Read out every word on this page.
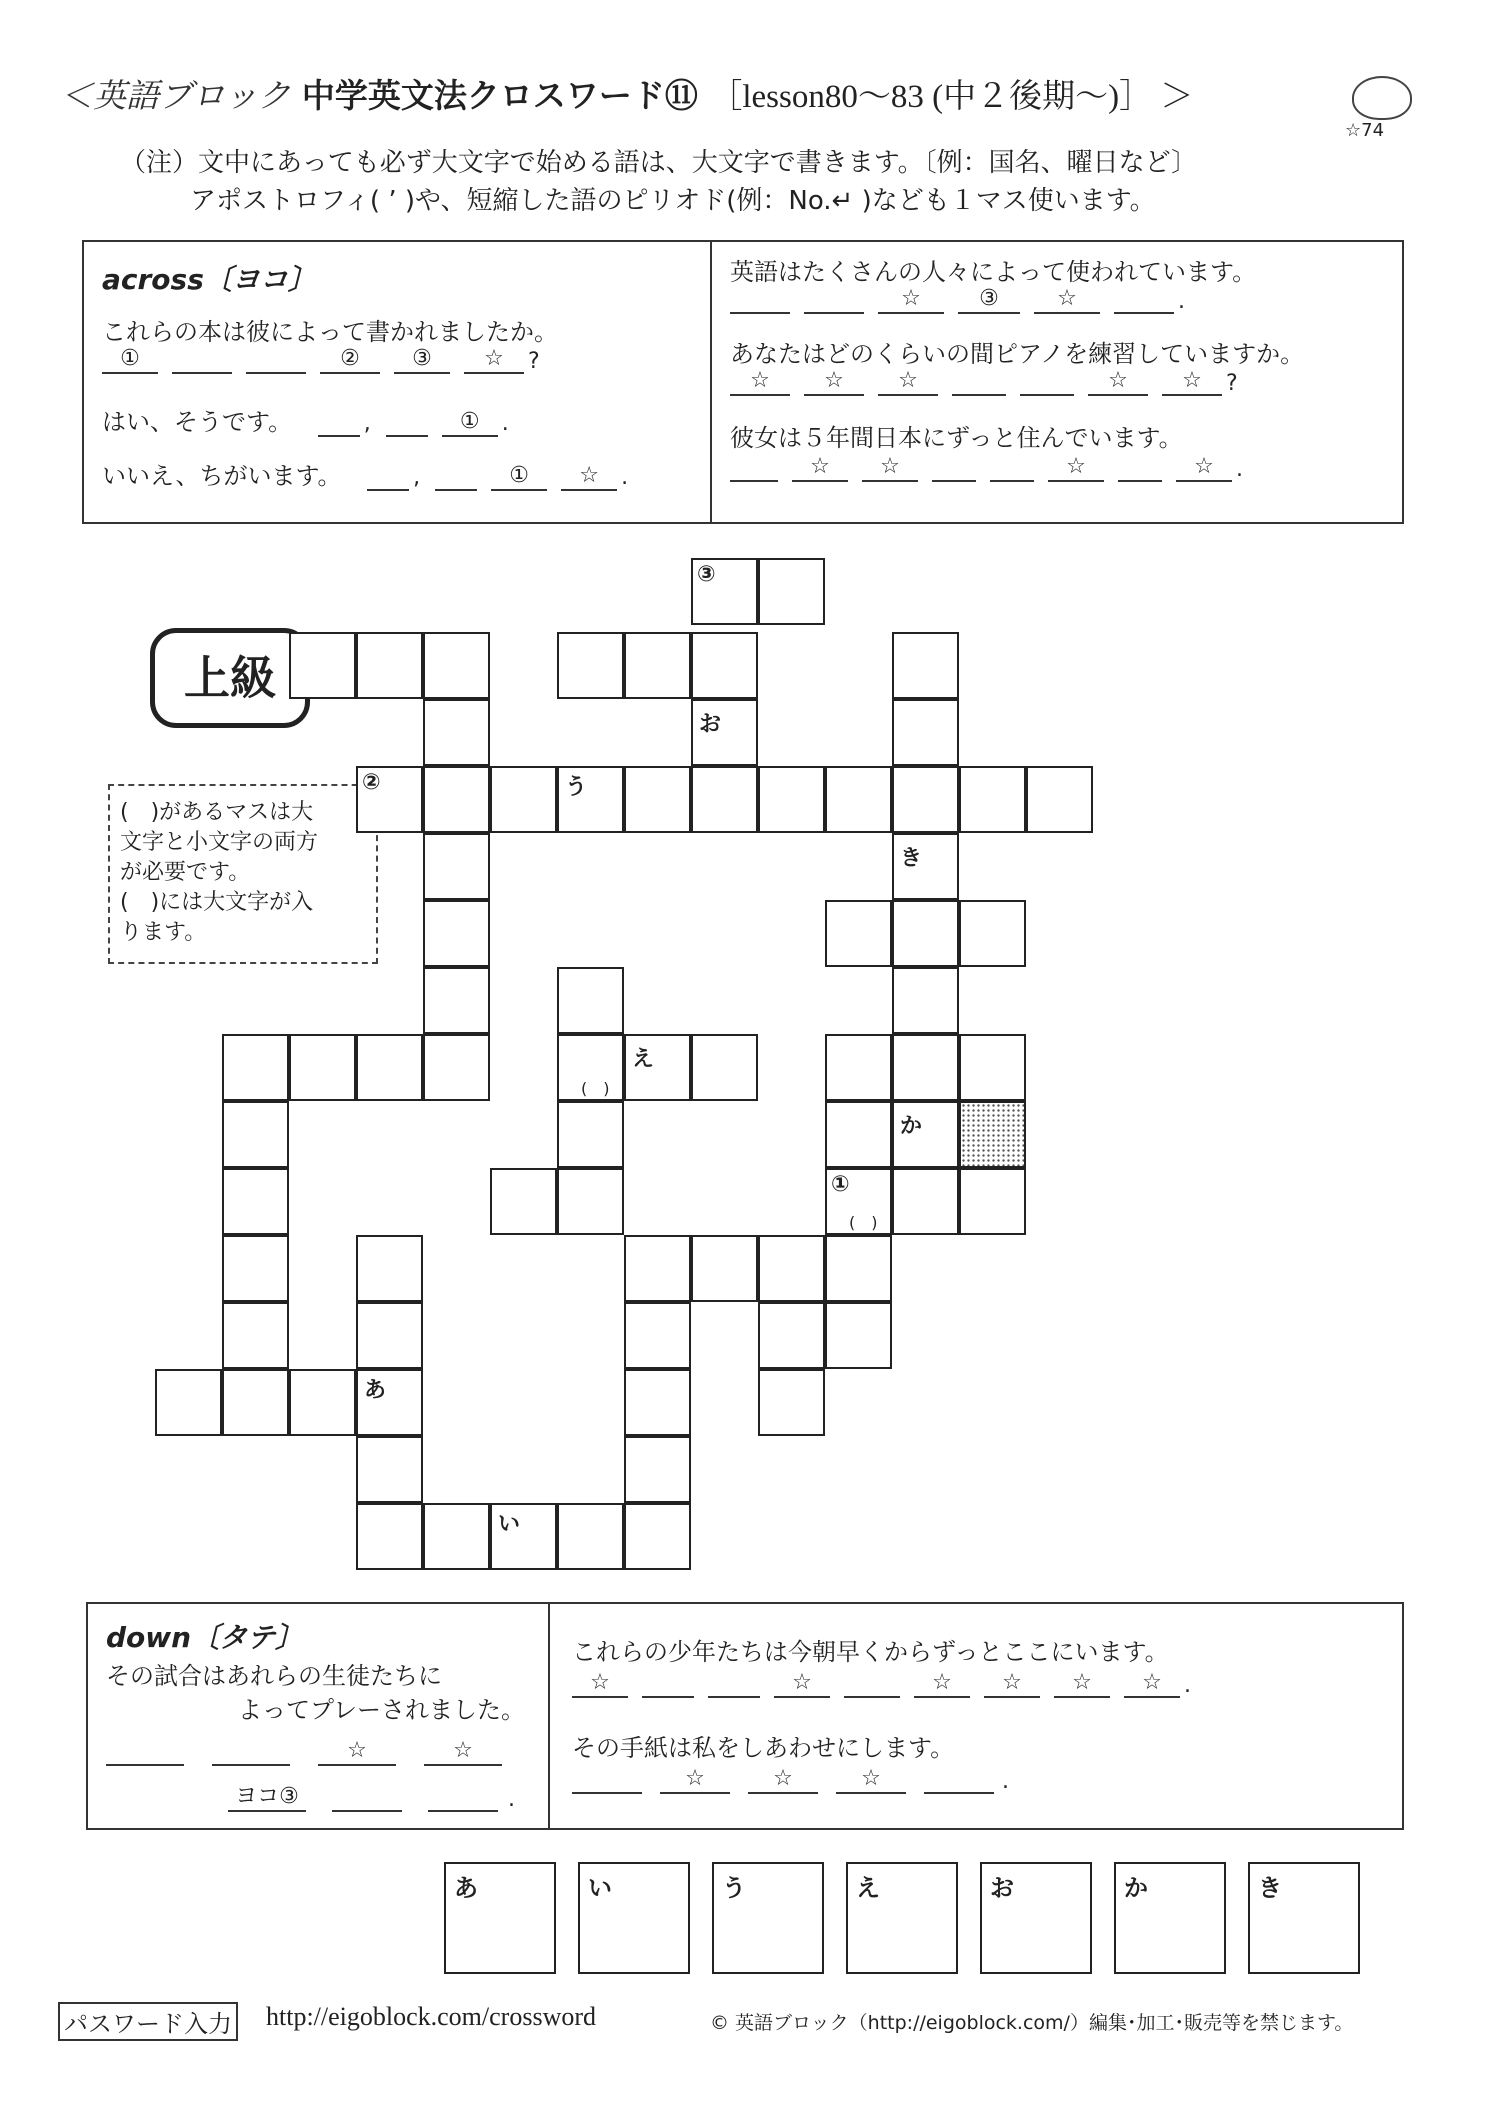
＜英語ブロック 中学英文法クロスワード⑪ ［lesson80～83 (中２後期～)］ ＞
☆74
（注）文中にあっても必ず大文字で始める語は、大文字で書きます。〔例：国名、曜日など〕
アポストロフィ( ’ )や、短縮した語のピリオド(例：No.↵ )なども１マス使います。
across〔ヨコ〕
これらの本は彼によって書かれましたか。
①	② ③ ☆ ?
はい、そうです。	,	① .
いいえ、ちがいます。	,	① ☆ .
英語はたくさんの人々によって使われています。
☆	③	☆	.
あなたはどのくらいの間ピアノを練習していますか。
☆ ☆ ☆	☆ ☆ ?
彼女は５年間日本にずっと住んでいます。
☆ ☆	☆	☆ .
上級
(　)があるマスは大
文字と小文字の両方
が必要です。
(　)には大文字が入
ります。
③
お
②	う
き
(　)
え
か
①
(　)
あ
い
down〔タテ〕
その試合はあれらの生徒たちに
よってプレーされました。
☆	☆
ヨコ③	.
これらの少年たちは今朝早くからずっとここにいます。
☆	☆	☆ ☆ ☆ ☆ .
その手紙は私をしあわせにします。
☆	☆	☆	.
あ	い	う	え	お	か	き
パスワード入力 http://eigoblock.com/crossword	© 英語ブロック（http://eigoblock.com/）編集･加工･販売等を禁じます。
